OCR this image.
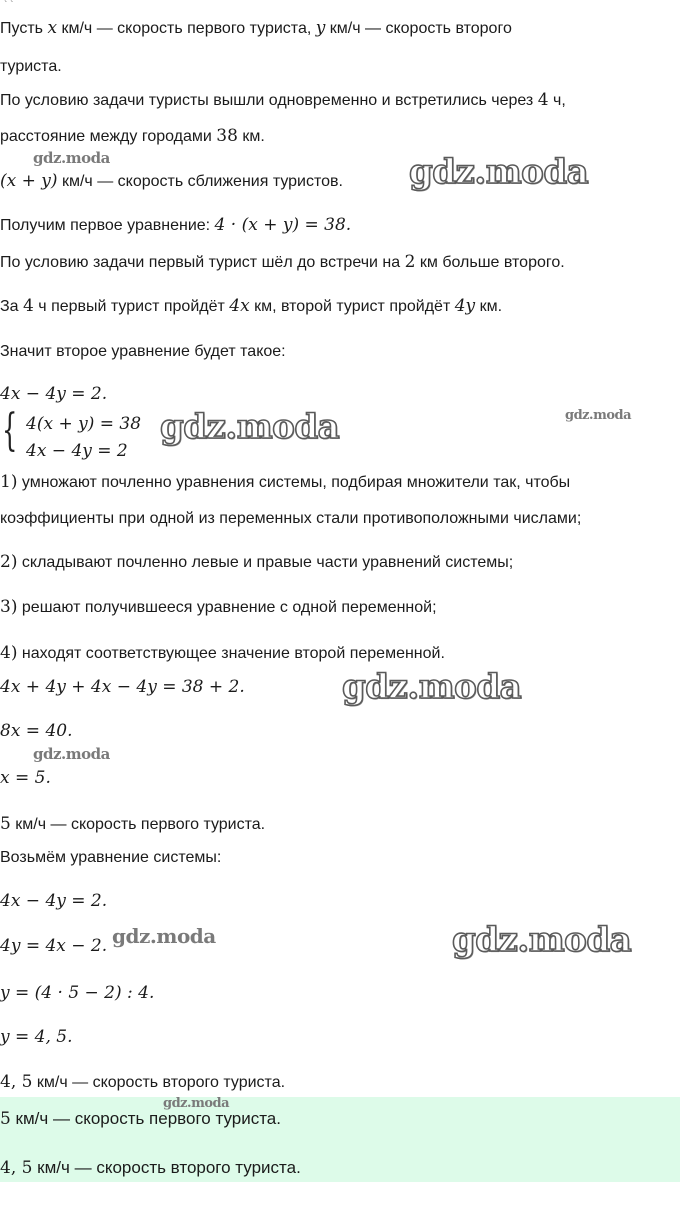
` `
Пусть x км/ч — скорость первого туриста, y км/ч — скорость второго
туриста.
По условию задачи туристы вышли одновременно и встретились через 4 ч,
расстояние между городами 38 км.
(x + y) км/ч — скорость сближения туристов.
Получим первое уравнение: 4 · (x + y) = 38.
По условию задачи первый турист шёл до встречи на 2 км больше второго.
За 4 ч первый турист пройдёт 4x км, второй турист пройдёт 4y км.
Значит второе уравнение будет такое:
4x − 4y = 2.
{ 4(x + y) = 38
4x − 4y = 2
1) умножают почленно уравнения системы, подбирая множители так, чтобы
коэффициенты при одной из переменных стали противоположными числами;
2) складывают почленно левые и правые части уравнений системы;
3) решают получившееся уравнение с одной переменной;
4) находят соответствующее значение второй переменной.
4x + 4y + 4x − 4y = 38 + 2.
8x = 40.
x = 5.
5 км/ч — скорость первого туриста.
Возьмём уравнение системы:
4x − 4y = 2.
4y = 4x − 2.
y = (4 · 5 − 2) : 4.
y = 4, 5.
4, 5 км/ч — скорость второго туриста.
5 км/ч — скорость первого туриста.
4, 5 км/ч — скорость второго туриста.
gdz.moda	gdz.moda
gdz.moda	gdz.moda
gdz.moda
gdz.moda
gdz.moda	gdz.moda
gdz.moda
